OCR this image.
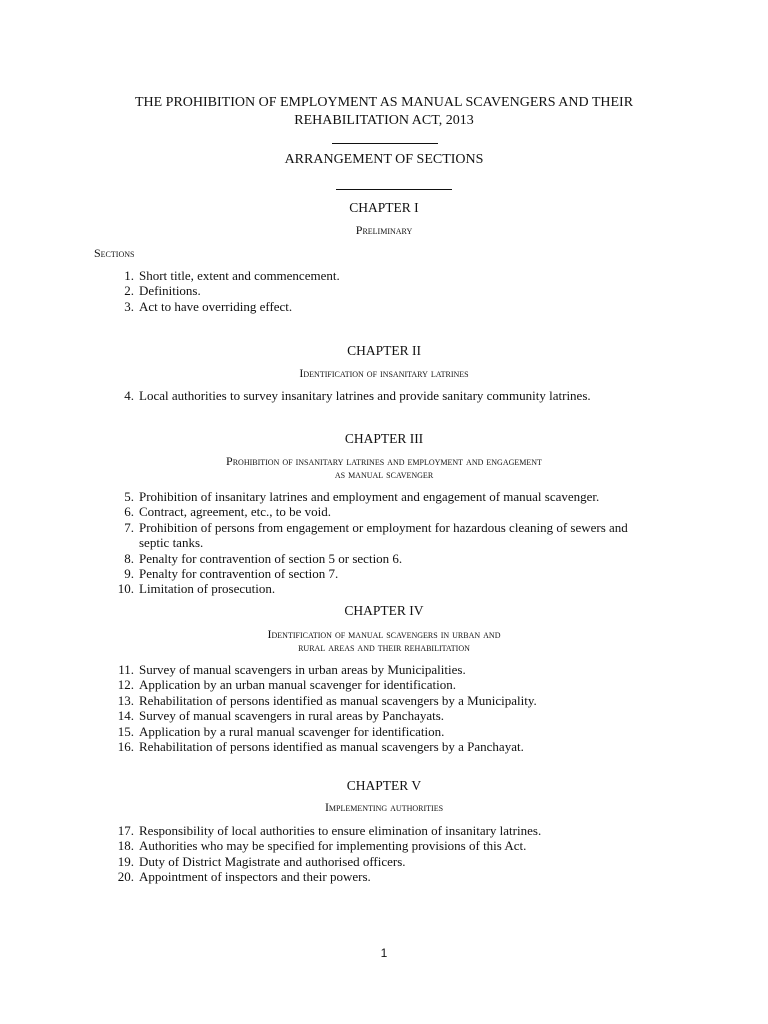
THE PROHIBITION OF EMPLOYMENT AS MANUAL SCAVENGERS AND THEIR
REHABILITATION ACT, 2013
ARRANGEMENT OF SECTIONS
CHAPTER I
Preliminary
Sections
1. Short title, extent and commencement.
2. Definitions.
3. Act to have overriding effect.
CHAPTER II
Identification of insanitary latrines
4. Local authorities to survey insanitary latrines and provide sanitary community latrines.
CHAPTER III
Prohibition of insanitary latrines and employment and engagement
as manual scavenger
5. Prohibition of insanitary latrines and employment and engagement of manual scavenger.
6. Contract, agreement, etc., to be void.
7. Prohibition of persons from engagement or employment for hazardous cleaning of sewers and
septic tanks.
8. Penalty for contravention of section 5 or section 6.
9. Penalty for contravention of section 7.
10. Limitation of prosecution.
CHAPTER IV
Identification of manual scavengers in urban and
rural areas and their rehabilitation
11. Survey of manual scavengers in urban areas by Municipalities.
12. Application by an urban manual scavenger for identification.
13. Rehabilitation of persons identified as manual scavengers by a Municipality.
14. Survey of manual scavengers in rural areas by Panchayats.
15. Application by a rural manual scavenger for identification.
16. Rehabilitation of persons identified as manual scavengers by a Panchayat.
CHAPTER V
Implementing authorities
17. Responsibility of local authorities to ensure elimination of insanitary latrines.
18. Authorities who may be specified for implementing provisions of this Act.
19. Duty of District Magistrate and authorised officers.
20. Appointment of inspectors and their powers.
1
